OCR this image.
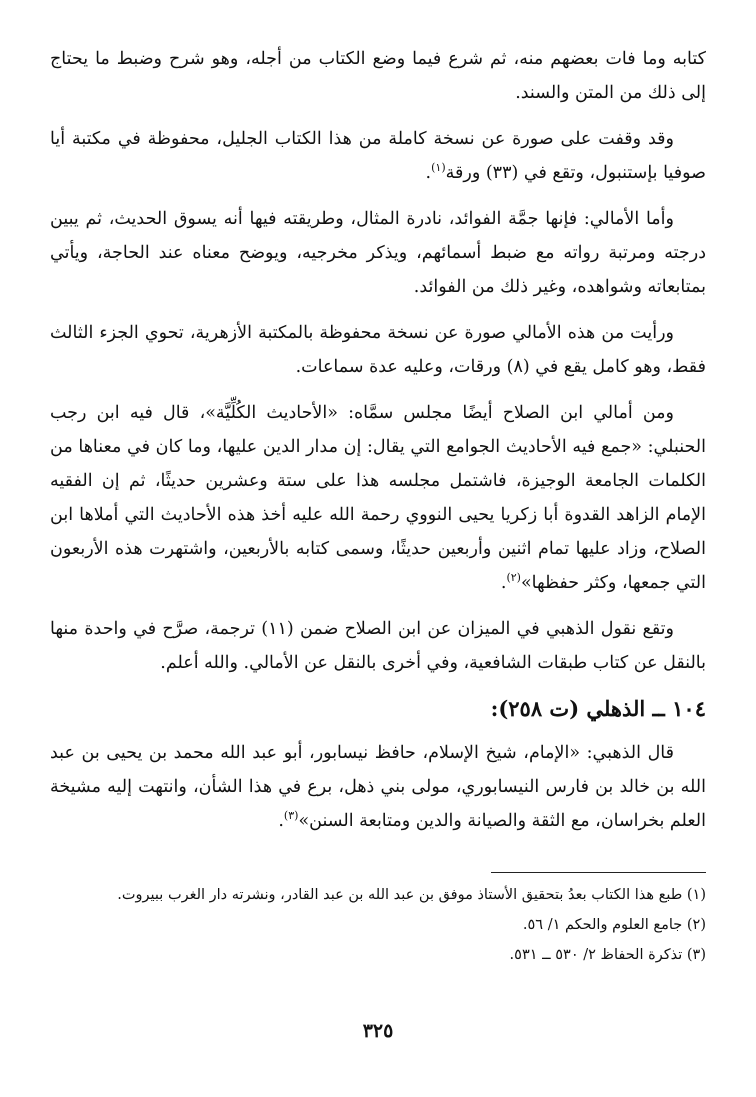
كتابه وما فات بعضهم منه، ثم شرع فيما وضع الكتاب من أجله، وهو شرح وضبط ما يحتاج إلى ذلك من المتن والسند.

وقد وقفت على صورة عن نسخة كاملة من هذا الكتاب الجليل، محفوظة في مكتبة أيا صوفيا بإستنبول، وتقع في (٣٣) ورقة$^{(١)}$.

وأما الأمالي: فإنها جمَّة الفوائد، نادرة المثال، وطريقته فيها أنه يسوق الحديث، ثم يبين درجته ومرتبة رواته مع ضبط أسمائهم، ويذكر مخرجيه، ويوضح معناه عند الحاجة، ويأتي بمتابعاته وشواهده، وغير ذلك من الفوائد.

ورأيت من هذه الأمالي صورة عن نسخة محفوظة بالمكتبة الأزهرية، تحوي الجزء الثالث فقط، وهو كامل يقع في (٨) ورقات، وعليه عدة سماعات.

ومن أمالي ابن الصلاح أيضًا مجلس سمَّاه: «الأحاديث الكُلِّيَّة»، قال فيه ابن رجب الحنبلي: «جمع فيه الأحاديث الجوامع التي يقال: إن مدار الدين عليها، وما كان في معناها من الكلمات الجامعة الوجيزة، فاشتمل مجلسه هذا على ستة وعشرين حديثًا، ثم إن الفقيه الإمام الزاهد القدوة أبا زكريا يحيى النووي رحمة الله عليه أخذ هذه الأحاديث التي أملاها ابن الصلاح، وزاد عليها تمام اثنين وأربعين حديثًا، وسمى كتابه بالأربعين، واشتهرت هذه الأربعون التي جمعها، وكثر حفظها»$^{(٢)}$.

وتقع نقول الذهبي في الميزان عن ابن الصلاح ضمن (١١) ترجمة، صرَّح في واحدة منها بالنقل عن كتاب طبقات الشافعية، وفي أخرى بالنقل عن الأمالي. والله أعلم.

١٠٤ ــ الذهلي (ت ٢٥٨):

قال الذهبي: «الإمام، شيخ الإسلام، حافظ نيسابور، أبو عبد الله محمد بن يحيى بن عبد الله بن خالد بن فارس النيسابوري، مولى بني ذهل، برع في هذا الشأن، وانتهت إليه مشيخة العلم بخراسان، مع الثقة والصيانة والدين ومتابعة السنن»$^{(٣)}$.

(١) طبع هذا الكتاب بعدُ بتحقيق الأستاذ موفق بن عبد الله بن عبد القادر، ونشرته دار الغرب ببيروت.
(٢) جامع العلوم والحكم ١/ ٥٦.
(٣) تذكرة الحفاظ ٢/ ٥٣٠ ــ ٥٣١.
٣٢٥
